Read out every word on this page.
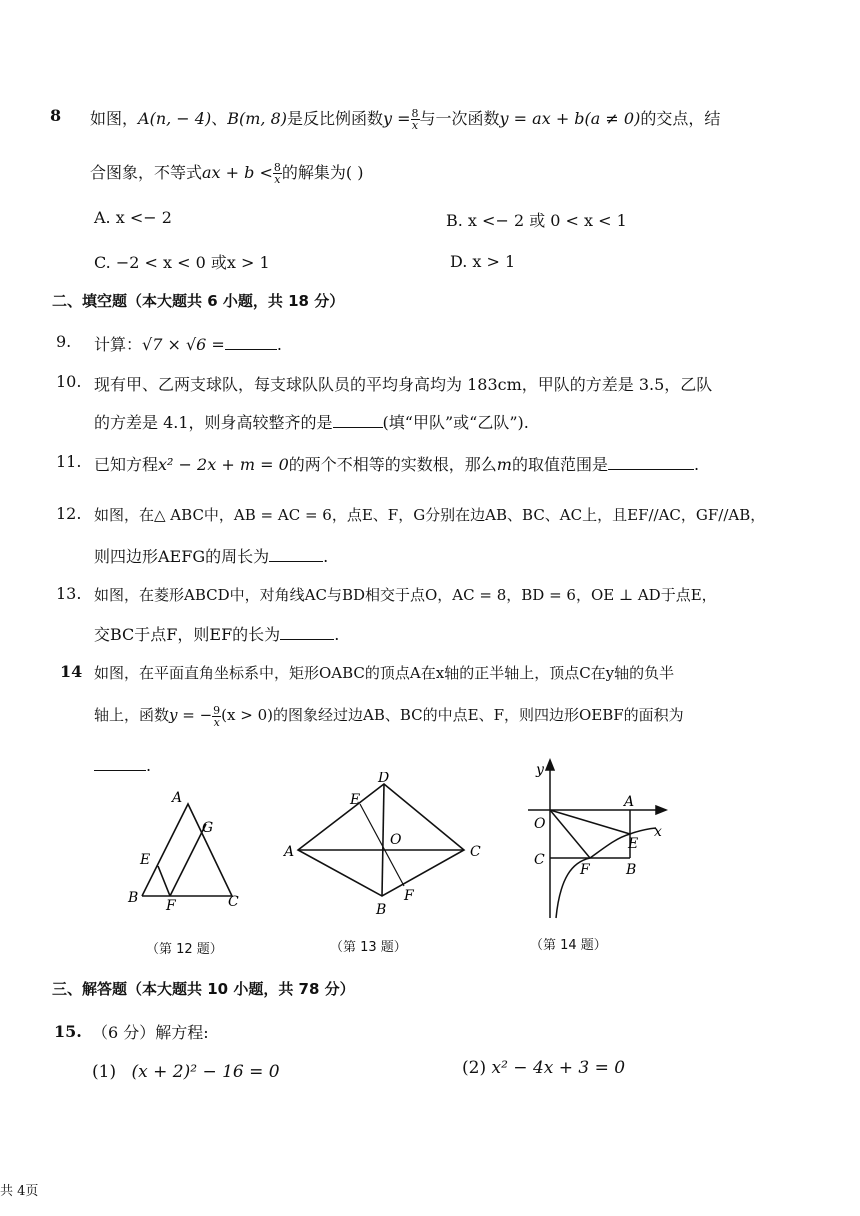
8 如图，A(n, − 4)、B(m, 8)是反比例函数$y = \frac{8}{x}$ 与一次函数y = ax + b(a ≠ 0)的交点，结
合图象，不等式ax + $b < \frac{8}{x}$ 的解集为( )
A. x <− 2	B. x <− 2 或 0 < x < 1
C. −2 < x < 0 或x > 1	D. x > 1
二、填空题（本大题共 6 小题，共 18 分）
9. 计算：√7 × √6 =	.
10. 现有甲、乙两支球队，每支球队队员的平均身高均为 183cm，甲队的方差是 3.5，乙队
的方差是 4.1，则身高较整齐的是	(填“甲队”或“乙队”).
11. 已知方程x² − 2x + m = 0的两个不相等的实数根，那么m的取值范围是	.
12. 如图，在△ ABC中，AB = AC = 6，点E、F，G分别在边AB、BC、AC上，且EF//AC，GF//AB，
则四边形AEFG的周长为	.
13. 如图，在菱形ABCD中，对角线AC与BD相交于点O，AC = 8，BD = 6，OE ⊥ AD于点E，
交BC于点F，则EF的长为	.
14 如图，在平面直角坐标系中，矩形OABC的顶点A在x轴的正半轴上，顶点C在y轴的负半
轴上，函数y = − $\frac{9}{x} (x > 0)$的图象经过边AB、BC的中点E、F，则四边形OEBF的面积为
.
A
B	C
E
F
G
（第 12 题）
A
B
C
D
E
F
O
（第 13 题）
y
x
O
A
B
C
E
F
（第 14 题）
三、解答题（本大题共 10 小题，共 78 分）
15. （6 分）解方程:
(1) (x + 2)² − 16 = 0	(2) x² − 4x + 3 = 0
共 4页
